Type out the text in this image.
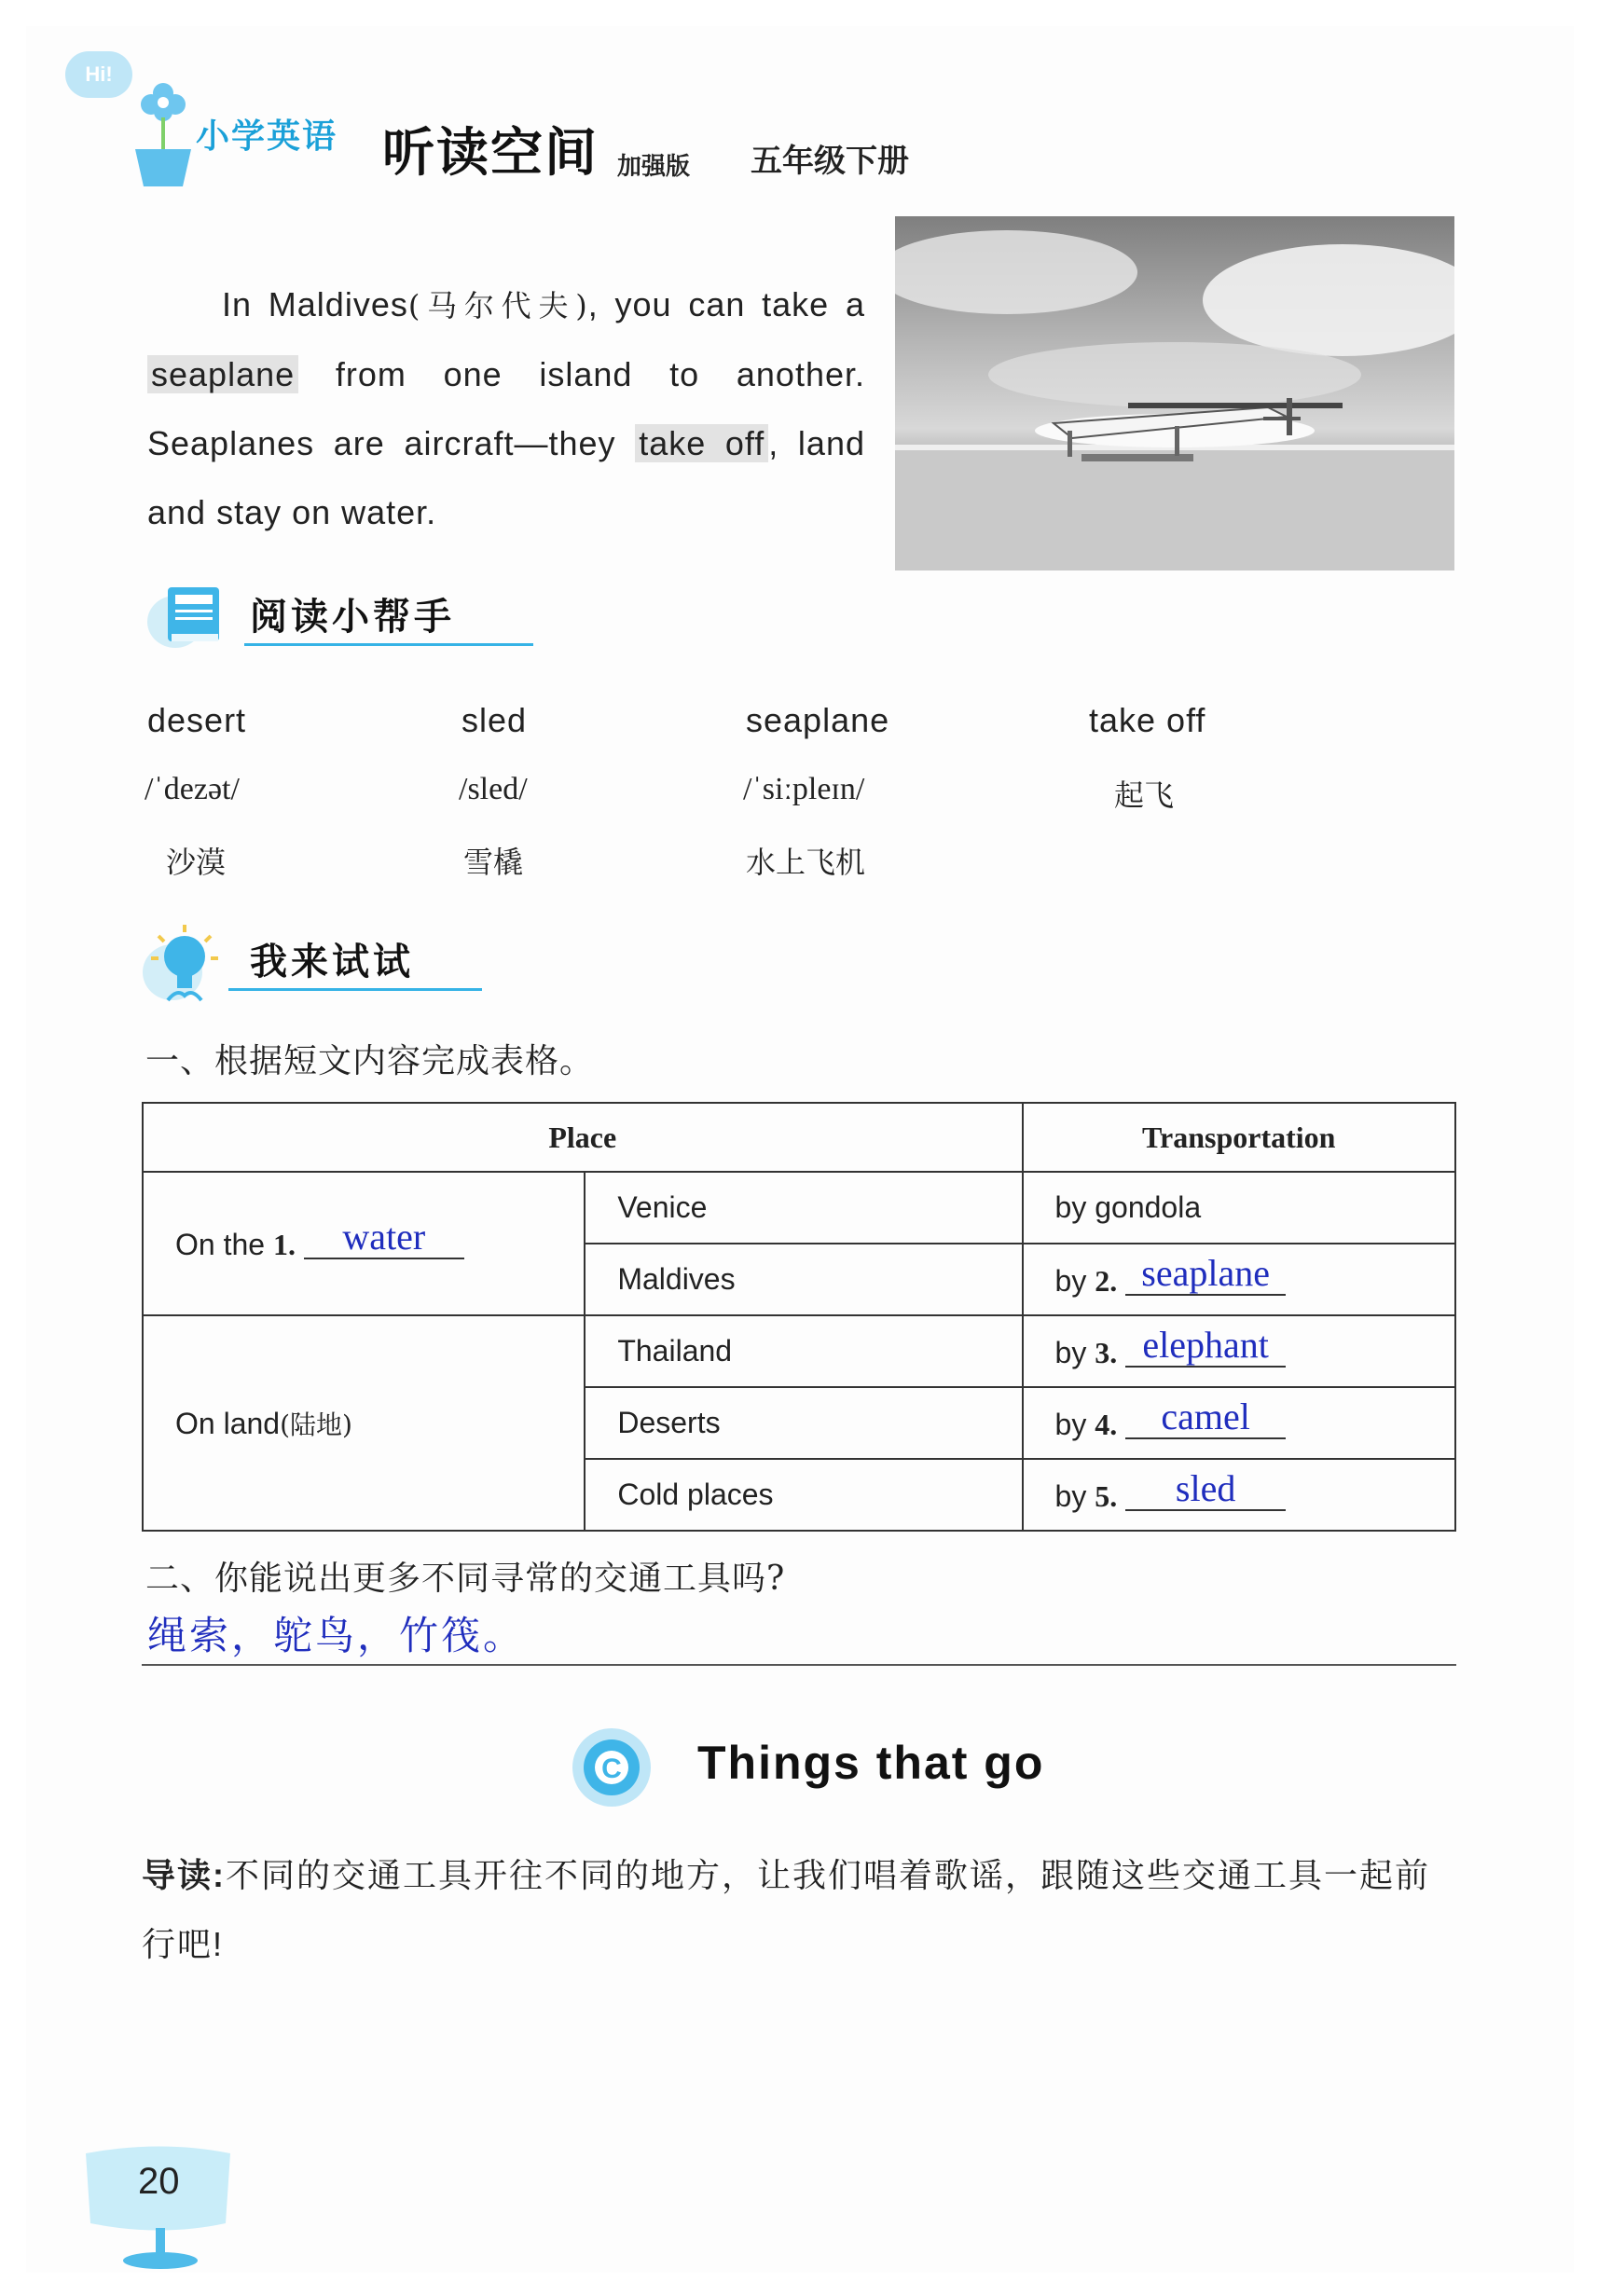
Hi!
小学英语 听读空间 加强版 五年级下册

In Maldives(马尔代夫), you can take a seaplane from one island to another. Seaplanes are aircraft—they take off , land and stay on water.

阅读小帮手
desert	sled	seaplane	take off
/ˈdezət/	/sled/	/ˈsiːpleɪn/	起飞
沙漠	雪橇	水上飞机
我来试试
一、根据短文内容完成表格。
Place		Transportation
On the 1. water	Venice	by gondola
	Maldives	by 2. seaplane
On land(陆地)	Thailand	by 3. elephant
	Deserts	by 4. camel
	Cold places	by 5. sled
二、你能说出更多不同寻常的交通工具吗?
绳索，鸵鸟，竹筏。
C Things that go
导读:不同的交通工具开往不同的地方，让我们唱着歌谣，跟随这些交通工具一起前行吧!
20
